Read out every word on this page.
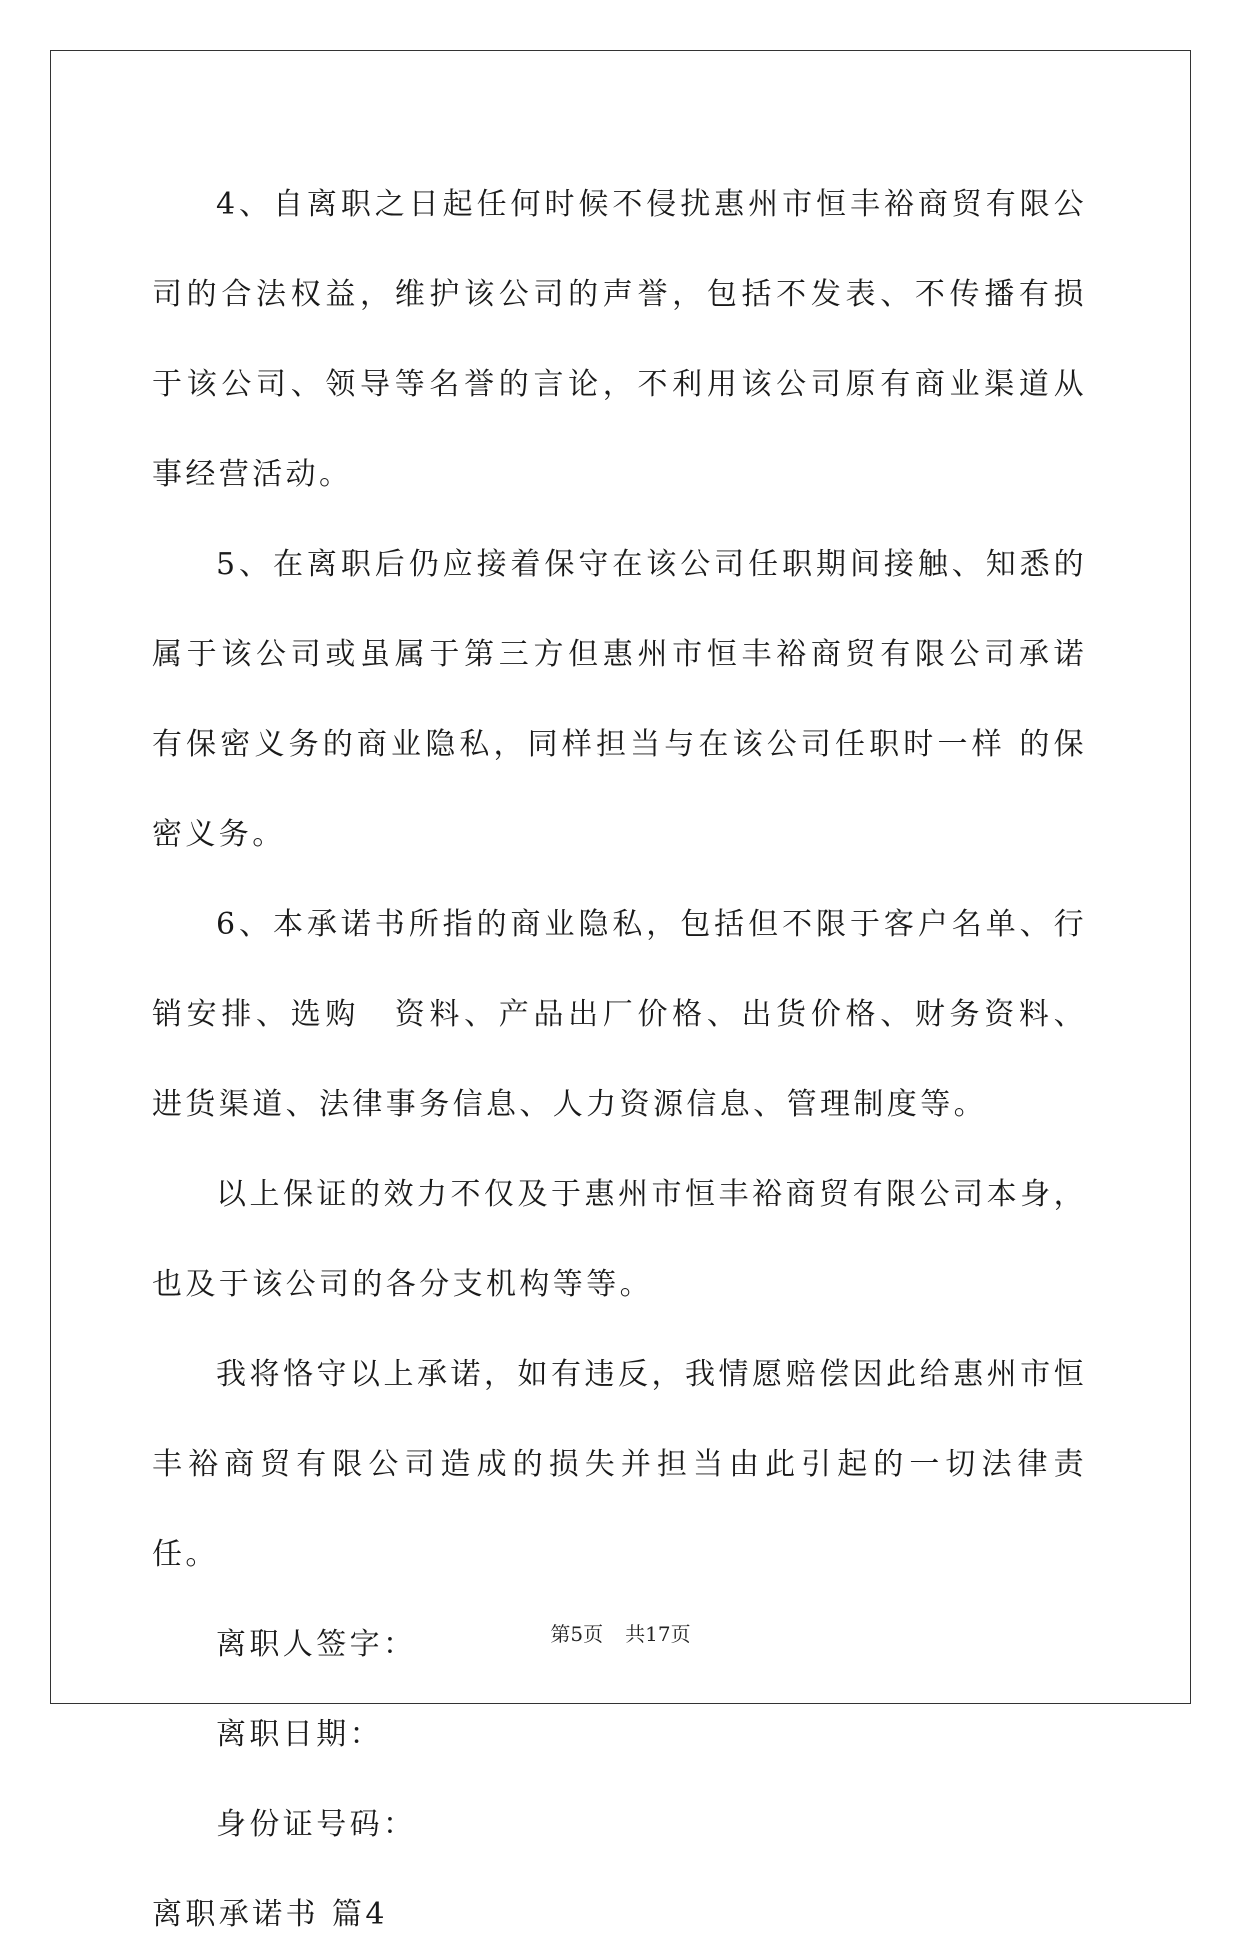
4、自离职之日起任何时候不侵扰惠州市恒丰裕商贸有限公司的合法权益，维护该公司的声誉，包括不发表、不传播有损于该公司、领导等名誉的言论，不利用该公司原有商业渠道从事经营活动。

5、在离职后仍应接着保守在该公司任职期间接触、知悉的属于该公司或虽属于第三方但惠州市恒丰裕商贸有限公司承诺有保密义务的商业隐私，同样担当与在该公司任职时一样 的保密义务。

6、本承诺书所指的商业隐私，包括但不限于客户名单、行销安排、选购　资料、产品出厂价格、出货价格、财务资料、进货渠道、法律事务信息、人力资源信息、管理制度等。

以上保证的效力不仅及于惠州市恒丰裕商贸有限公司本身，也及于该公司的各分支机构等等。

我将恪守以上承诺，如有违反，我情愿赔偿因此给惠州市恒丰裕商贸有限公司造成的损失并担当由此引起的一切法律责任。

离职人签字：

离职日期：

身份证号码：

离职承诺书 篇4

第5页 共17页
